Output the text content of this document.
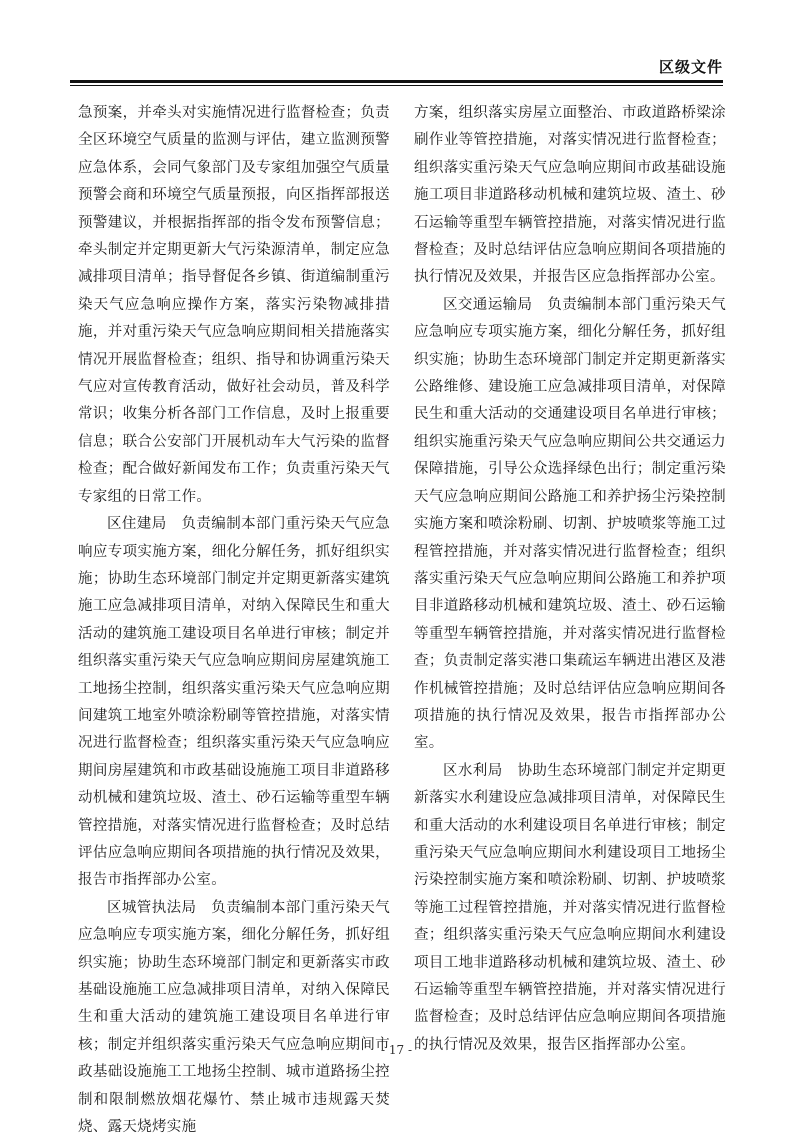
区级文件

急预案，并牵头对实施情况进行监督检查；负责全区环境空气质量的监测与评估，建立监测预警应急体系，会同气象部门及专家组加强空气质量预警会商和环境空气质量预报，向区指挥部报送预警建议，并根据指挥部的指令发布预警信息；牵头制定并定期更新大气污染源清单，制定应急减排项目清单；指导督促各乡镇、街道编制重污染天气应急响应操作方案，落实污染物减排措施，并对重污染天气应急响应期间相关措施落实情况开展监督检查；组织、指导和协调重污染天气应对宣传教育活动，做好社会动员，普及科学常识；收集分析各部门工作信息，及时上报重要信息；联合公安部门开展机动车大气污染的监督检查；配合做好新闻发布工作；负责重污染天气专家组的日常工作。

区住建局　负责编制本部门重污染天气应急响应专项实施方案，细化分解任务，抓好组织实施；协助生态环境部门制定并定期更新落实建筑施工应急减排项目清单，对纳入保障民生和重大活动的建筑施工建设项目名单进行审核；制定并组织落实重污染天气应急响应期间房屋建筑施工工地扬尘控制，组织落实重污染天气应急响应期间建筑工地室外喷涂粉刷等管控措施，对落实情况进行监督检查；组织落实重污染天气应急响应期间房屋建筑和市政基础设施施工项目非道路移动机械和建筑垃圾、渣土、砂石运输等重型车辆管控措施，对落实情况进行监督检查；及时总结评估应急响应期间各项措施的执行情况及效果，报告市指挥部办公室。

区城管执法局　负责编制本部门重污染天气应急响应专项实施方案，细化分解任务，抓好组织实施；协助生态环境部门制定和更新落实市政基础设施施工应急减排项目清单，对纳入保障民生和重大活动的建筑施工建设项目名单进行审核；制定并组织落实重污染天气应急响应期间市政基础设施施工工地扬尘控制、城市道路扬尘控制和限制燃放烟花爆竹、禁止城市违规露天焚烧、露天烧烤实施

方案，组织落实房屋立面整治、市政道路桥梁涂刷作业等管控措施，对落实情况进行监督检查；组织落实重污染天气应急响应期间市政基础设施施工项目非道路移动机械和建筑垃圾、渣土、砂石运输等重型车辆管控措施，对落实情况进行监督检查；及时总结评估应急响应期间各项措施的执行情况及效果，并报告区应急指挥部办公室。

区交通运输局　负责编制本部门重污染天气应急响应专项实施方案，细化分解任务，抓好组织实施；协助生态环境部门制定并定期更新落实公路维修、建设施工应急减排项目清单，对保障民生和重大活动的交通建设项目名单进行审核；组织实施重污染天气应急响应期间公共交通运力保障措施，引导公众选择绿色出行；制定重污染天气应急响应期间公路施工和养护扬尘污染控制实施方案和喷涂粉刷、切割、护坡喷浆等施工过程管控措施，并对落实情况进行监督检查；组织落实重污染天气应急响应期间公路施工和养护项目非道路移动机械和建筑垃圾、渣土、砂石运输等重型车辆管控措施，并对落实情况进行监督检查；负责制定落实港口集疏运车辆进出港区及港作机械管控措施；及时总结评估应急响应期间各项措施的执行情况及效果，报告市指挥部办公室。

区水利局　协助生态环境部门制定并定期更新落实水利建设应急减排项目清单，对保障民生和重大活动的水利建设项目名单进行审核；制定重污染天气应急响应期间水利建设项目工地扬尘污染控制实施方案和喷涂粉刷、切割、护坡喷浆等施工过程管控措施，并对落实情况进行监督检查；组织落实重污染天气应急响应期间水利建设项目工地非道路移动机械和建筑垃圾、渣土、砂石运输等重型车辆管控措施，并对落实情况进行监督检查；及时总结评估应急响应期间各项措施的执行情况及效果，报告区指挥部办公室。

- 17 -
